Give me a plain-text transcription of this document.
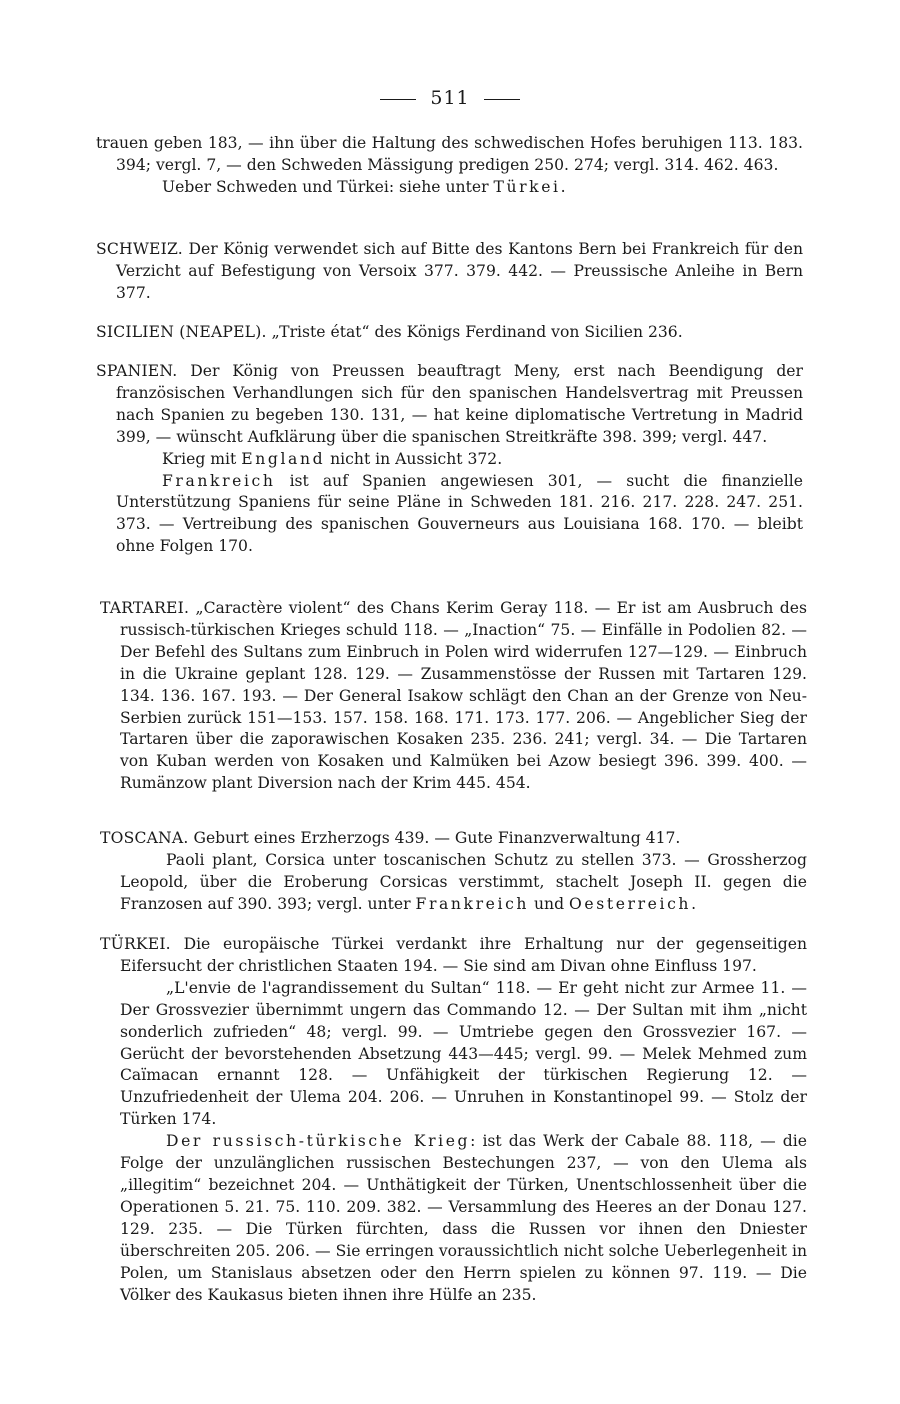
511

trauen geben 183, — ihn über die Haltung des schwedischen Hofes beruhigen 113. 183. 394; vergl. 7, — den Schweden Mässigung predigen 250. 274; vergl. 314. 462. 463.

Ueber Schweden und Türkei: siehe unter Türkei.

SCHWEIZ. Der König verwendet sich auf Bitte des Kantons Bern bei Frankreich für den Verzicht auf Befestigung von Versoix 377. 379. 442. — Preussische Anleihe in Bern 377.

SICILIEN (NEAPEL). „Triste état“ des Königs Ferdinand von Sicilien 236.

SPANIEN. Der König von Preussen beauftragt Meny, erst nach Beendigung der französischen Verhandlungen sich für den spanischen Handelsvertrag mit Preussen nach Spanien zu begeben 130. 131, — hat keine diplomatische Vertretung in Madrid 399, — wünscht Aufklärung über die spanischen Streitkräfte 398. 399; vergl. 447.

Krieg mit England nicht in Aussicht 372.

Frankreich ist auf Spanien angewiesen 301, — sucht die finanzielle Unterstützung Spaniens für seine Pläne in Schweden 181. 216. 217. 228. 247. 251. 373. — Vertreibung des spanischen Gouverneurs aus Louisiana 168. 170. — bleibt ohne Folgen 170.

TARTAREI. „Caractère violent“ des Chans Kerim Geray 118. — Er ist am Ausbruch des russisch-türkischen Krieges schuld 118. — „Inaction“ 75. — Einfälle in Podolien 82. — Der Befehl des Sultans zum Einbruch in Polen wird widerrufen 127—129. — Einbruch in die Ukraine geplant 128. 129. — Zusammenstösse der Russen mit Tartaren 129. 134. 136. 167. 193. — Der General Isakow schlägt den Chan an der Grenze von Neu-Serbien zurück 151—153. 157. 158. 168. 171. 173. 177. 206. — Angeblicher Sieg der Tartaren über die zaporawischen Kosaken 235. 236. 241; vergl. 34. — Die Tartaren von Kuban werden von Kosaken und Kalmüken bei Azow besiegt 396. 399. 400. — Rumänzow plant Diversion nach der Krim 445. 454.

TOSCANA. Geburt eines Erzherzogs 439. — Gute Finanzverwaltung 417.

Paoli plant, Corsica unter toscanischen Schutz zu stellen 373. — Grossherzog Leopold, über die Eroberung Corsicas verstimmt, stachelt Joseph II. gegen die Franzosen auf 390. 393; vergl. unter Frankreich und Oesterreich.

TÜRKEI. Die europäische Türkei verdankt ihre Erhaltung nur der gegenseitigen Eifersucht der christlichen Staaten 194. — Sie sind am Divan ohne Einfluss 197.

„L'envie de l'agrandissement du Sultan“ 118. — Er geht nicht zur Armee 11. — Der Grossvezier übernimmt ungern das Commando 12. — Der Sultan mit ihm „nicht sonderlich zufrieden“ 48; vergl. 99. — Umtriebe gegen den Grossvezier 167. — Gerücht der bevorstehenden Absetzung 443—445; vergl. 99. — Melek Mehmed zum Caïmacan ernannt 128. — Unfähigkeit der türkischen Regierung 12. — Unzufriedenheit der Ulema 204. 206. — Unruhen in Konstantinopel 99. — Stolz der Türken 174.

Der russisch-türkische Krieg: ist das Werk der Cabale 88. 118, — die Folge der unzulänglichen russischen Bestechungen 237, — von den Ulema als „illegitim“ bezeichnet 204. — Unthätigkeit der Türken, Unentschlossenheit über die Operationen 5. 21. 75. 110. 209. 382. — Versammlung des Heeres an der Donau 127. 129. 235. — Die Türken fürchten, dass die Russen vor ihnen den Dniester überschreiten 205. 206. — Sie erringen voraussichtlich nicht solche Ueberlegenheit in Polen, um Stanislaus absetzen oder den Herrn spielen zu können 97. 119. — Die Völker des Kaukasus bieten ihnen ihre Hülfe an 235.
